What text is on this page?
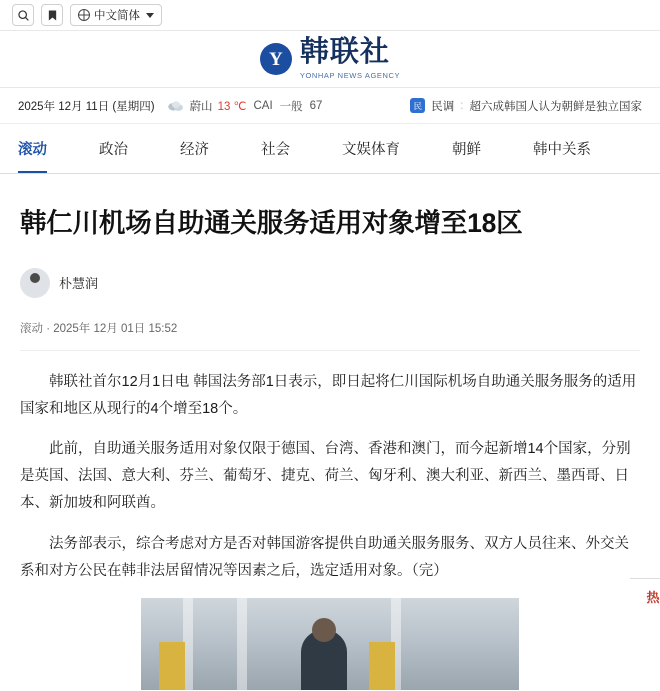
中文简体
Y 韩联社
YONHAP NEWS AGENCY
2025年 12月 11日 (星期四)	蔚山 13 ℃ CAI 一般 67	民 民调 : 超六成韩国人认为朝鲜是独立国家
滚动	政治	经济	社会	文娱体育	朝鲜	韩中关系
韩仁川机场自助通关服务适用对象增至18区
朴慧润
滚动 · 2025年 12月 01日 15:52

韩联社首尔12月1日电 韩国法务部1日表示，即日起将仁川国际机场自助通关服务服务的适用国家和地区从现行的4个增至18个。

此前，自助通关服务适用对象仅限于德国、台湾、香港和澳门，而今起新增14个国家，分别是英国、法国、意大利、芬兰、葡萄牙、捷克、荷兰、匈牙利、澳大利亚、新西兰、墨西哥、日本、新加坡和阿联酋。

法务部表示，综合考虑对方是否对韩国游客提供自助通关服务服务、双方人员往来、外交关系和对方公民在韩非法居留情况等因素之后，选定适用对象。（完）

热
